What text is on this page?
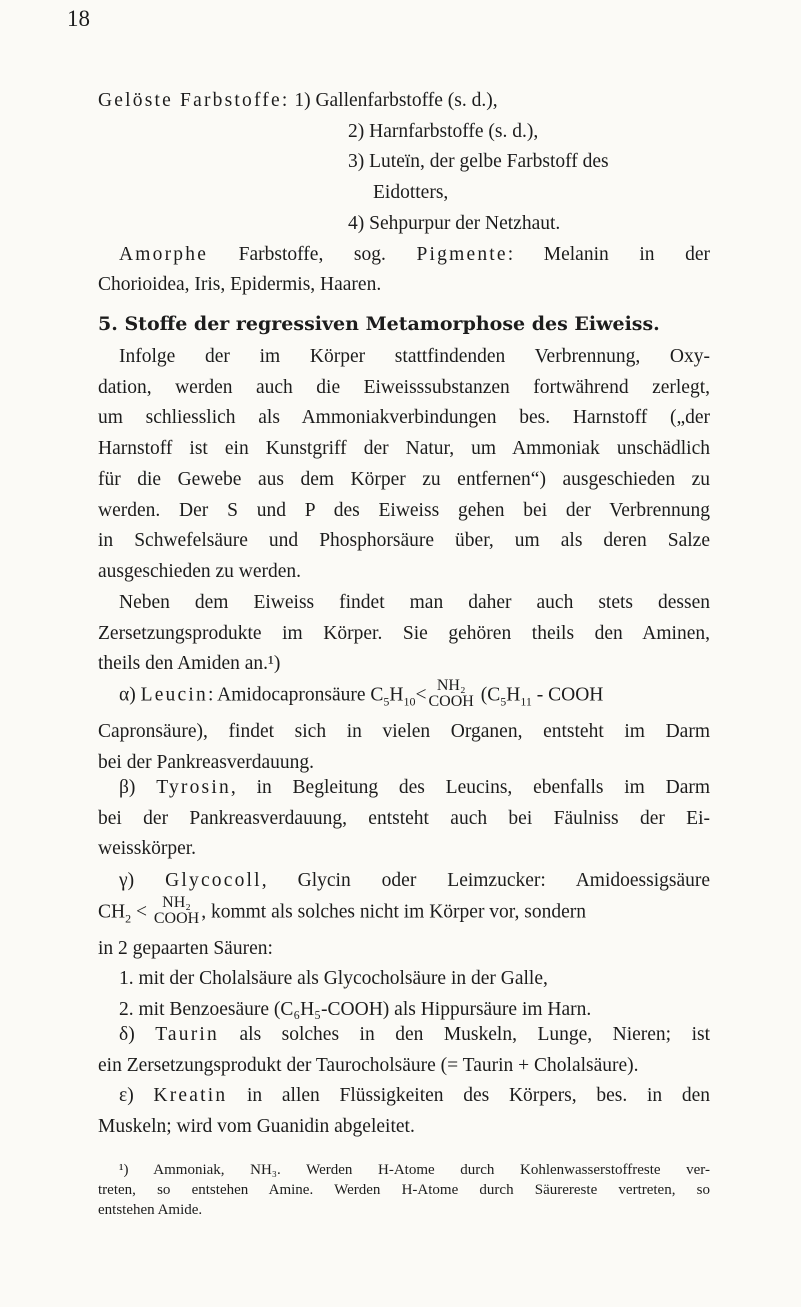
18
Gelöste Farbstoffe: 1) Gallenfarbstoffe (s. d.),
2) Harnfarbstoffe (s. d.),
3) Luteïn, der gelbe Farbstoff des
Eidotters,
4) Sehpurpur der Netzhaut.
Amorphe Farbstoffe, sog. Pigmente: Melanin in der
Chorioidea, Iris, Epidermis, Haaren.
5. Stoffe der regressiven Metamorphose des Eiweiss.
Infolge der im Körper stattfindenden Verbrennung, Oxy-
dation, werden auch die Eiweisssubstanzen fortwährend zerlegt,
um schliesslich als Ammoniakverbindungen bes. Harnstoff („der
Harnstoff ist ein Kunstgriff der Natur, um Ammoniak unschädlich
für die Gewebe aus dem Körper zu entfernen“) ausgeschieden zu
werden. Der S und P des Eiweiss gehen bei der Verbrennung
in Schwefelsäure und Phosphorsäure über, um als deren Salze
ausgeschieden zu werden.
Neben dem Eiweiss findet man daher auch stets dessen
Zersetzungsprodukte im Körper. Sie gehören theils den Aminen,
theils den Amiden an.¹)
α) Leucin: Amidocapronsäure $C_5H_{10}< NH_2$
COOH ($C_5H_{11}$ - COOH
Capronsäure), findet sich in vielen Organen, entsteht im Darm
bei der Pankreasverdauung.
β) Tyrosin, in Begleitung des Leucins, ebenfalls im Darm
bei der Pankreasverdauung, entsteht auch bei Fäulniss der Ei-
weisskörper.
γ) Glycocoll, Glycin oder Leimzucker: Amidoessigsäure
$CH_2 < NH_2$
COOH , kommt als solches nicht im Körper vor, sondern
in 2 gepaarten Säuren:
1. mit der Cholalsäure als Glycocholsäure in der Galle,
2. mit Benzoesäure (C₆H₅-COOH) als Hippursäure im Harn.
δ) Taurin als solches in den Muskeln, Lunge, Nieren; ist
ein Zersetzungsprodukt der Taurocholsäure (= Taurin + Cholalsäure).
ε) Kreatin in allen Flüssigkeiten des Körpers, bes. in den
Muskeln; wird vom Guanidin abgeleitet.
¹) Ammoniak, NH₃. Werden H-Atome durch Kohlenwasserstoffreste ver-
treten, so entstehen Amine. Werden H-Atome durch Säurereste vertreten, so
entstehen Amide.
